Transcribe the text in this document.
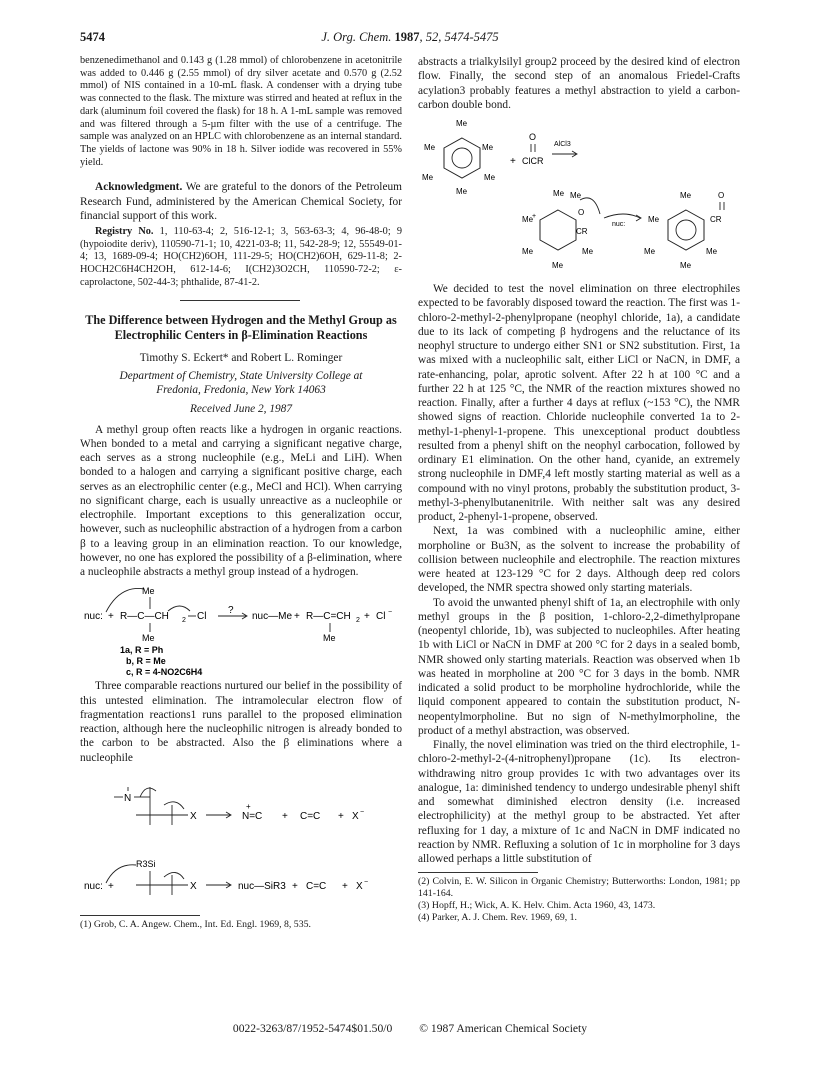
5474	J. Org. Chem. 1987, 52, 5474-5475

benzenedimethanol and 0.143 g (1.28 mmol) of chlorobenzene in acetonitrile was added to 0.446 g (2.55 mmol) of dry silver acetate and 0.570 g (2.52 mmol) of NIS contained in a 10-mL flask. A condenser with a drying tube was connected to the flask. The mixture was stirred and heated at reflux in the dark (aluminum foil covered the flask) for 18 h. A 1-mL sample was removed and was filtered through a 5-µm filter with the use of a centrifuge. The sample was analyzed on an HPLC with chlorobenzene as an internal standard. The yields of lactone was 90% in 18 h. Silver iodide was recovered in 55% yield.

Acknowledgment. We are grateful to the donors of the Petroleum Research Fund, administered by the American Chemical Society, for financial support of this work.

Registry No. 1, 110-63-4; 2, 516-12-1; 3, 563-63-3; 4, 96-48-0; 9 (hypoiodite deriv), 110590-71-1; 10, 4221-03-8; 11, 542-28-9; 12, 55549-01-4; 13, 1689-09-4; HO(CH2)6OH, 111-29-5; HO(CH2)6OH, 629-11-8; 2-HOCH2C6H4CH2OH, 612-14-6; I(CH2)3O2CH, 110590-72-2; ε-caprolactone, 502-44-3; phthalide, 87-41-2.

The Difference between Hydrogen and the Methyl Group as Electrophilic Centers in β-Elimination Reactions
Timothy S. Eckert* and Robert L. Rominger
Department of Chemistry, State University College at
Fredonia, Fredonia, New York 14063
Received June 2, 1987

A methyl group often reacts like a hydrogen in organic reactions. When bonded to a metal and carrying a significant negative charge, each serves as a strong nucleophile (e.g., MeLi and LiH). When bonded to a halogen and carrying a significant positive charge, each serves as an electrophilic center (e.g., MeCl and HCl). When carrying no significant charge, each is usually unreactive as a nucleophile or electrophile. Important exceptions to this generalization occur, however, such as nucleophilic abstraction of a hydrogen from a carbon β to a leaving group in an elimination reaction. To our knowledge, however, no one has explored the possibility of a β-elimination, where a nucleophile abstracts a methyl group instead of a hydrogen.

nuc: +
Me
R—C—CH 2 Cl
Me
?
nuc—Me + R—C=CH 2
Me
+ Cl −
1a, R = Ph
b, R = Me
c, R = 4-NO2C6H4

Three comparable reactions nurtured our belief in the possibility of this untested elimination. The intramolecular electron flow of fragmentation reactions1 runs parallel to the proposed elimination reaction, although here the nucleophilic nitrogen is already bonded to the carbon to be abstracted. Also the β eliminations where a nucleophile

N
X	N=C
+
+ C=C + X −
nuc: +
R3Si
X	nuc—SiR3 + C=C + X −

(1) Grob, C. A. Angew. Chem., Int. Ed. Engl. 1969, 8, 535.

abstracts a trialkylsilyl group2 proceed by the desired kind of electron flow. Finally, the second step of an anomalous Friedel-Crafts acylation3 probably features a methyl abstraction to yield a carbon-carbon double bond.

Me
Me	Me
Me	Me
Me
+
O
ClCR
AlCl3
Me Me
Me
+
Me	Me
Me
O
CR
nuc:
Me
Me
Me	Me
Me
O
CR

We decided to test the novel elimination on three electrophiles expected to be favorably disposed toward the reaction. The first was 1-chloro-2-methyl-2-phenylpropane (neophyl chloride, 1a), a candidate due to its lack of competing β hydrogens and the reluctance of its neophyl structure to undergo either SN1 or SN2 substitution. First, 1a was mixed with a nucleophilic salt, either LiCl or NaCN, in DMF, a rate-enhancing, polar, aprotic solvent. After 22 h at 100 °C and a further 22 h at 125 °C, the NMR of the reaction mixtures showed no reaction. Finally, after a further 4 days at reflux (~153 °C), the NMR showed signs of reaction. Chloride nucleophile converted 1a to 2-methyl-1-phenyl-1-propene. This unexceptional product doubtless resulted from a phenyl shift on the neophyl carbocation, followed by ordinary E1 elimination. On the other hand, cyanide, an extremely strong nucleophile in DMF,4 left mostly starting material as well as a compound with no vinyl protons, probably the substitution product, 3-methyl-3-phenylbutanenitrile. With neither salt was any desired product, 2-phenyl-1-propene, observed.

Next, 1a was combined with a nucleophilic amine, either morpholine or Bu3N, as the solvent to increase the probability of collision between nucleophile and electrophile. The reaction mixtures were heated at 123-129 °C for 2 days. Although deep red colors developed, the NMR spectra showed only starting materials.

To avoid the unwanted phenyl shift of 1a, an electrophile with only methyl groups in the β position, 1-chloro-2,2-dimethylpropane (neopentyl chloride, 1b), was subjected to nucleophiles. After heating 1b with LiCl or NaCN in DMF at 200 °C for 2 days in a sealed bomb, NMR showed only starting materials. Reaction was observed when 1b was heated in morpholine at 200 °C for 3 days in the bomb. NMR indicated a solid product to be morpholine hydrochloride, while the liquid component appeared to contain the substitution product, N-neopentylmorpholine. But no sign of N-methylmorpholine, the product of a methyl abstraction, was observed.

Finally, the novel elimination was tried on the third electrophile, 1-chloro-2-methyl-2-(4-nitrophenyl)propane (1c). Its electron-withdrawing nitro group provides 1c with two advantages over its analogue, 1a: diminished tendency to undergo undesirable phenyl shift and somewhat diminished electron density (i.e. increased electrophilicity) at the methyl group to be abstracted. Yet after refluxing for 1 day, a mixture of 1c and NaCN in DMF indicated no reaction by NMR. Refluxing a solution of 1c in morpholine for 3 days allowed perhaps a little substitution of

(2) Colvin, E. W. Silicon in Organic Chemistry; Butterworths: London, 1981; pp 141-164.

(3) Hopff, H.; Wick, A. K. Helv. Chim. Acta 1960, 43, 1473.

(4) Parker, A. J. Chem. Rev. 1969, 69, 1.

0022-3263/87/1952-5474$01.50/0 © 1987 American Chemical Society
